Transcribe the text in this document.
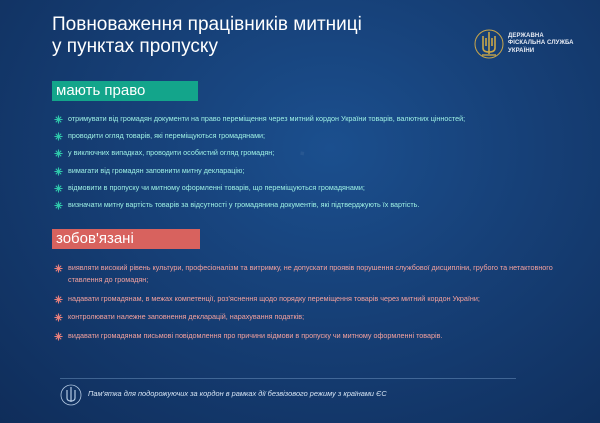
◆
Повноваження працівників митниці
у пунктах пропуску
ДЕРЖАВНА
ФІСКАЛЬНА СЛУЖБА
УКРАЇНИ
мають право
отримувати від громадян документи на право переміщення через митний кордон України товарів, валютних цінностей;
проводити огляд товарів, які переміщуються громадянами;
у виключних випадках, проводити особистий огляд громадян;
вимагати від громадян заповнити митну декларацію;
відмовити в пропуску чи митному оформленні товарів, що переміщуються громадянами;
визначати митну вартість товарів за відсутності у громадянина документів, які підтверджують їх вартість.
зобов'язані
виявляти високий рівень культури, професіоналізм та витримку, не допускати проявів порушення службової дисципліни, грубого та нетактовного ставлення до громадян;
надавати громадянам, в межах компетенції, роз'яснення щодо порядку переміщення товарів через митний кордон України;
контролювати належне заповнення декларацій, нарахування податків;
видавати громадянам письмові повідомлення про причини відмови в пропуску чи митному оформленні товарів.
Пам'ятка для подорожуючих за кордон в рамках дії безвізового режиму з країнами ЄС
